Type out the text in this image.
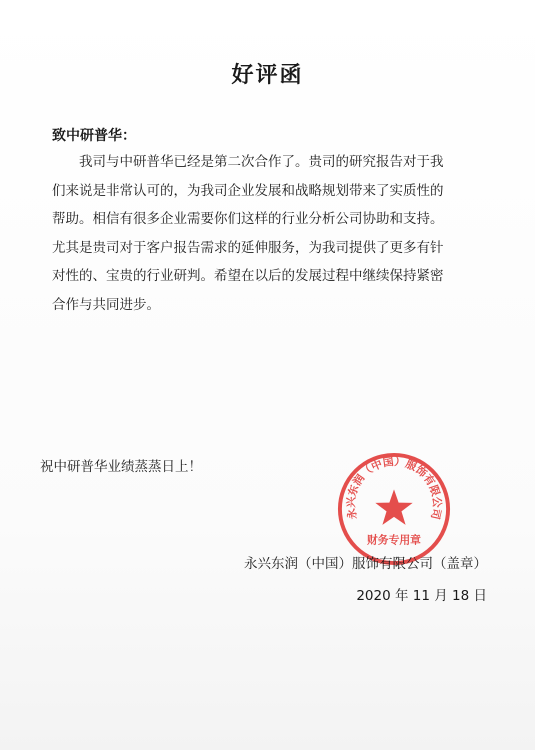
好评函
致中研普华：
我司与中研普华已经是第二次合作了。贵司的研究报告对于我
们来说是非常认可的，为我司企业发展和战略规划带来了实质性的
帮助。相信有很多企业需要你们这样的行业分析公司协助和支持。
尤其是贵司对于客户报告需求的延伸服务，为我司提供了更多有针
对性的、宝贵的行业研判。希望在以后的发展过程中继续保持紧密
合作与共同进步。
祝中研普华业绩蒸蒸日上！
永兴东润（中国）服饰有限公司
财务专用章
永兴东润（中国）服饰有限公司（盖章）
2020 年 11 月 18 日
